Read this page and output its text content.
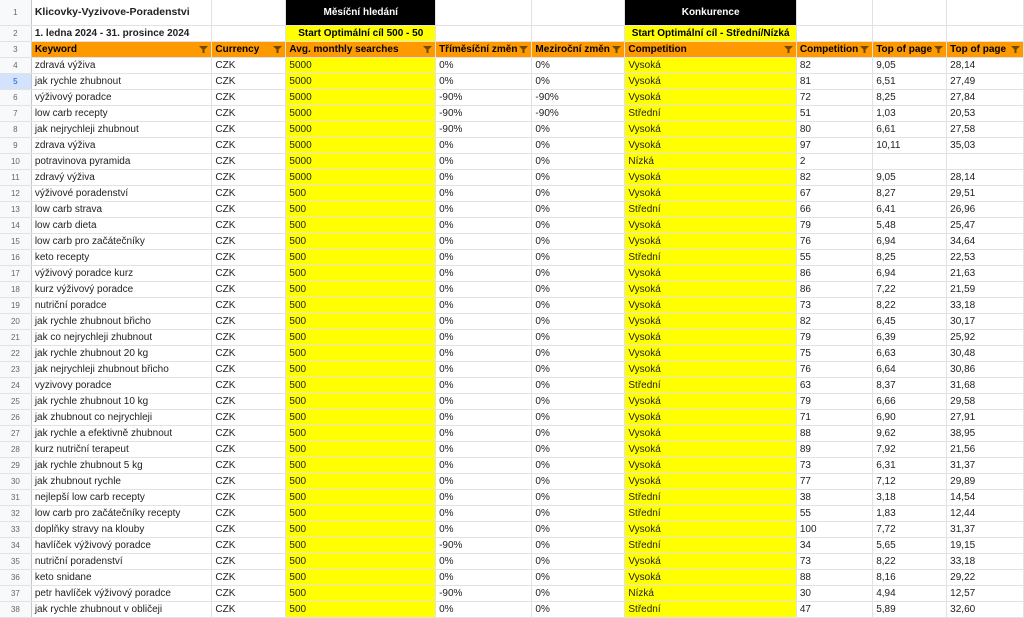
1	Klicovky-Vyzivove-Poradenstvi		Měsíční hledání			Konkurence			
2	1. ledna 2024 - 31. prosince 2024		Start Optimální cíl 500 - 50			Start Optimální cíl - Střední/Nízká			
3	Keyword	Currency	Avg. monthly searches	Tříměsíční změn	Meziroční změn	Competition	Competition	Top of page	Top of page

4	zdravá výživa	CZK	5000	0%	0%	Vysoká	82	9,05	28,14
5	jak rychle zhubnout	CZK	5000	0%	0%	Vysoká	81	6,51	27,49
6	výživový poradce	CZK	5000	-90%	-90%	Vysoká	72	8,25	27,84
7	low carb recepty	CZK	5000	-90%	-90%	Střední	51	1,03	20,53
8	jak nejrychleji zhubnout	CZK	5000	-90%	0%	Vysoká	80	6,61	27,58
9	zdrava výživa	CZK	5000	0%	0%	Vysoká	97	10,11	35,03
10	potravinova pyramida	CZK	5000	0%	0%	Nízká	2		
11	zdravý výživa	CZK	5000	0%	0%	Vysoká	82	9,05	28,14
12	výživové poradenství	CZK	500	0%	0%	Vysoká	67	8,27	29,51
13	low carb strava	CZK	500	0%	0%	Střední	66	6,41	26,96
14	low carb dieta	CZK	500	0%	0%	Vysoká	79	5,48	25,47
15	low carb pro začátečníky	CZK	500	0%	0%	Vysoká	76	6,94	34,64
16	keto recepty	CZK	500	0%	0%	Střední	55	8,25	22,53
17	výživový poradce kurz	CZK	500	0%	0%	Vysoká	86	6,94	21,63
18	kurz výživový poradce	CZK	500	0%	0%	Vysoká	86	7,22	21,59
19	nutriční poradce	CZK	500	0%	0%	Vysoká	73	8,22	33,18
20	jak rychle zhubnout břicho	CZK	500	0%	0%	Vysoká	82	6,45	30,17
21	jak co nejrychleji zhubnout	CZK	500	0%	0%	Vysoká	79	6,39	25,92
22	jak rychle zhubnout 20 kg	CZK	500	0%	0%	Vysoká	75	6,63	30,48
23	jak nejrychleji zhubnout břicho	CZK	500	0%	0%	Vysoká	76	6,64	30,86
24	vyzivovy poradce	CZK	500	0%	0%	Střední	63	8,37	31,68
25	jak rychle zhubnout 10 kg	CZK	500	0%	0%	Vysoká	79	6,66	29,58
26	jak zhubnout co nejrychleji	CZK	500	0%	0%	Vysoká	71	6,90	27,91
27	jak rychle a efektivně zhubnout	CZK	500	0%	0%	Vysoká	88	9,62	38,95
28	kurz nutriční terapeut	CZK	500	0%	0%	Vysoká	89	7,92	21,56
29	jak rychle zhubnout 5 kg	CZK	500	0%	0%	Vysoká	73	6,31	31,37
30	jak zhubnout rychle	CZK	500	0%	0%	Vysoká	77	7,12	29,89
31	nejlepší low carb recepty	CZK	500	0%	0%	Střední	38	3,18	14,54
32	low carb pro začátečníky recepty	CZK	500	0%	0%	Střední	55	1,83	12,44
33	doplňky stravy na klouby	CZK	500	0%	0%	Vysoká	100	7,72	31,37
34	havlíček výživový poradce	CZK	500	-90%	0%	Střední	34	5,65	19,15
35	nutriční poradenství	CZK	500	0%	0%	Vysoká	73	8,22	33,18
36	keto snidane	CZK	500	0%	0%	Vysoká	88	8,16	29,22
37	petr havlíček výživový poradce	CZK	500	-90%	0%	Nízká	30	4,94	12,57
38	jak rychle zhubnout v obličeji	CZK	500	0%	0%	Střední	47	5,89	32,60
